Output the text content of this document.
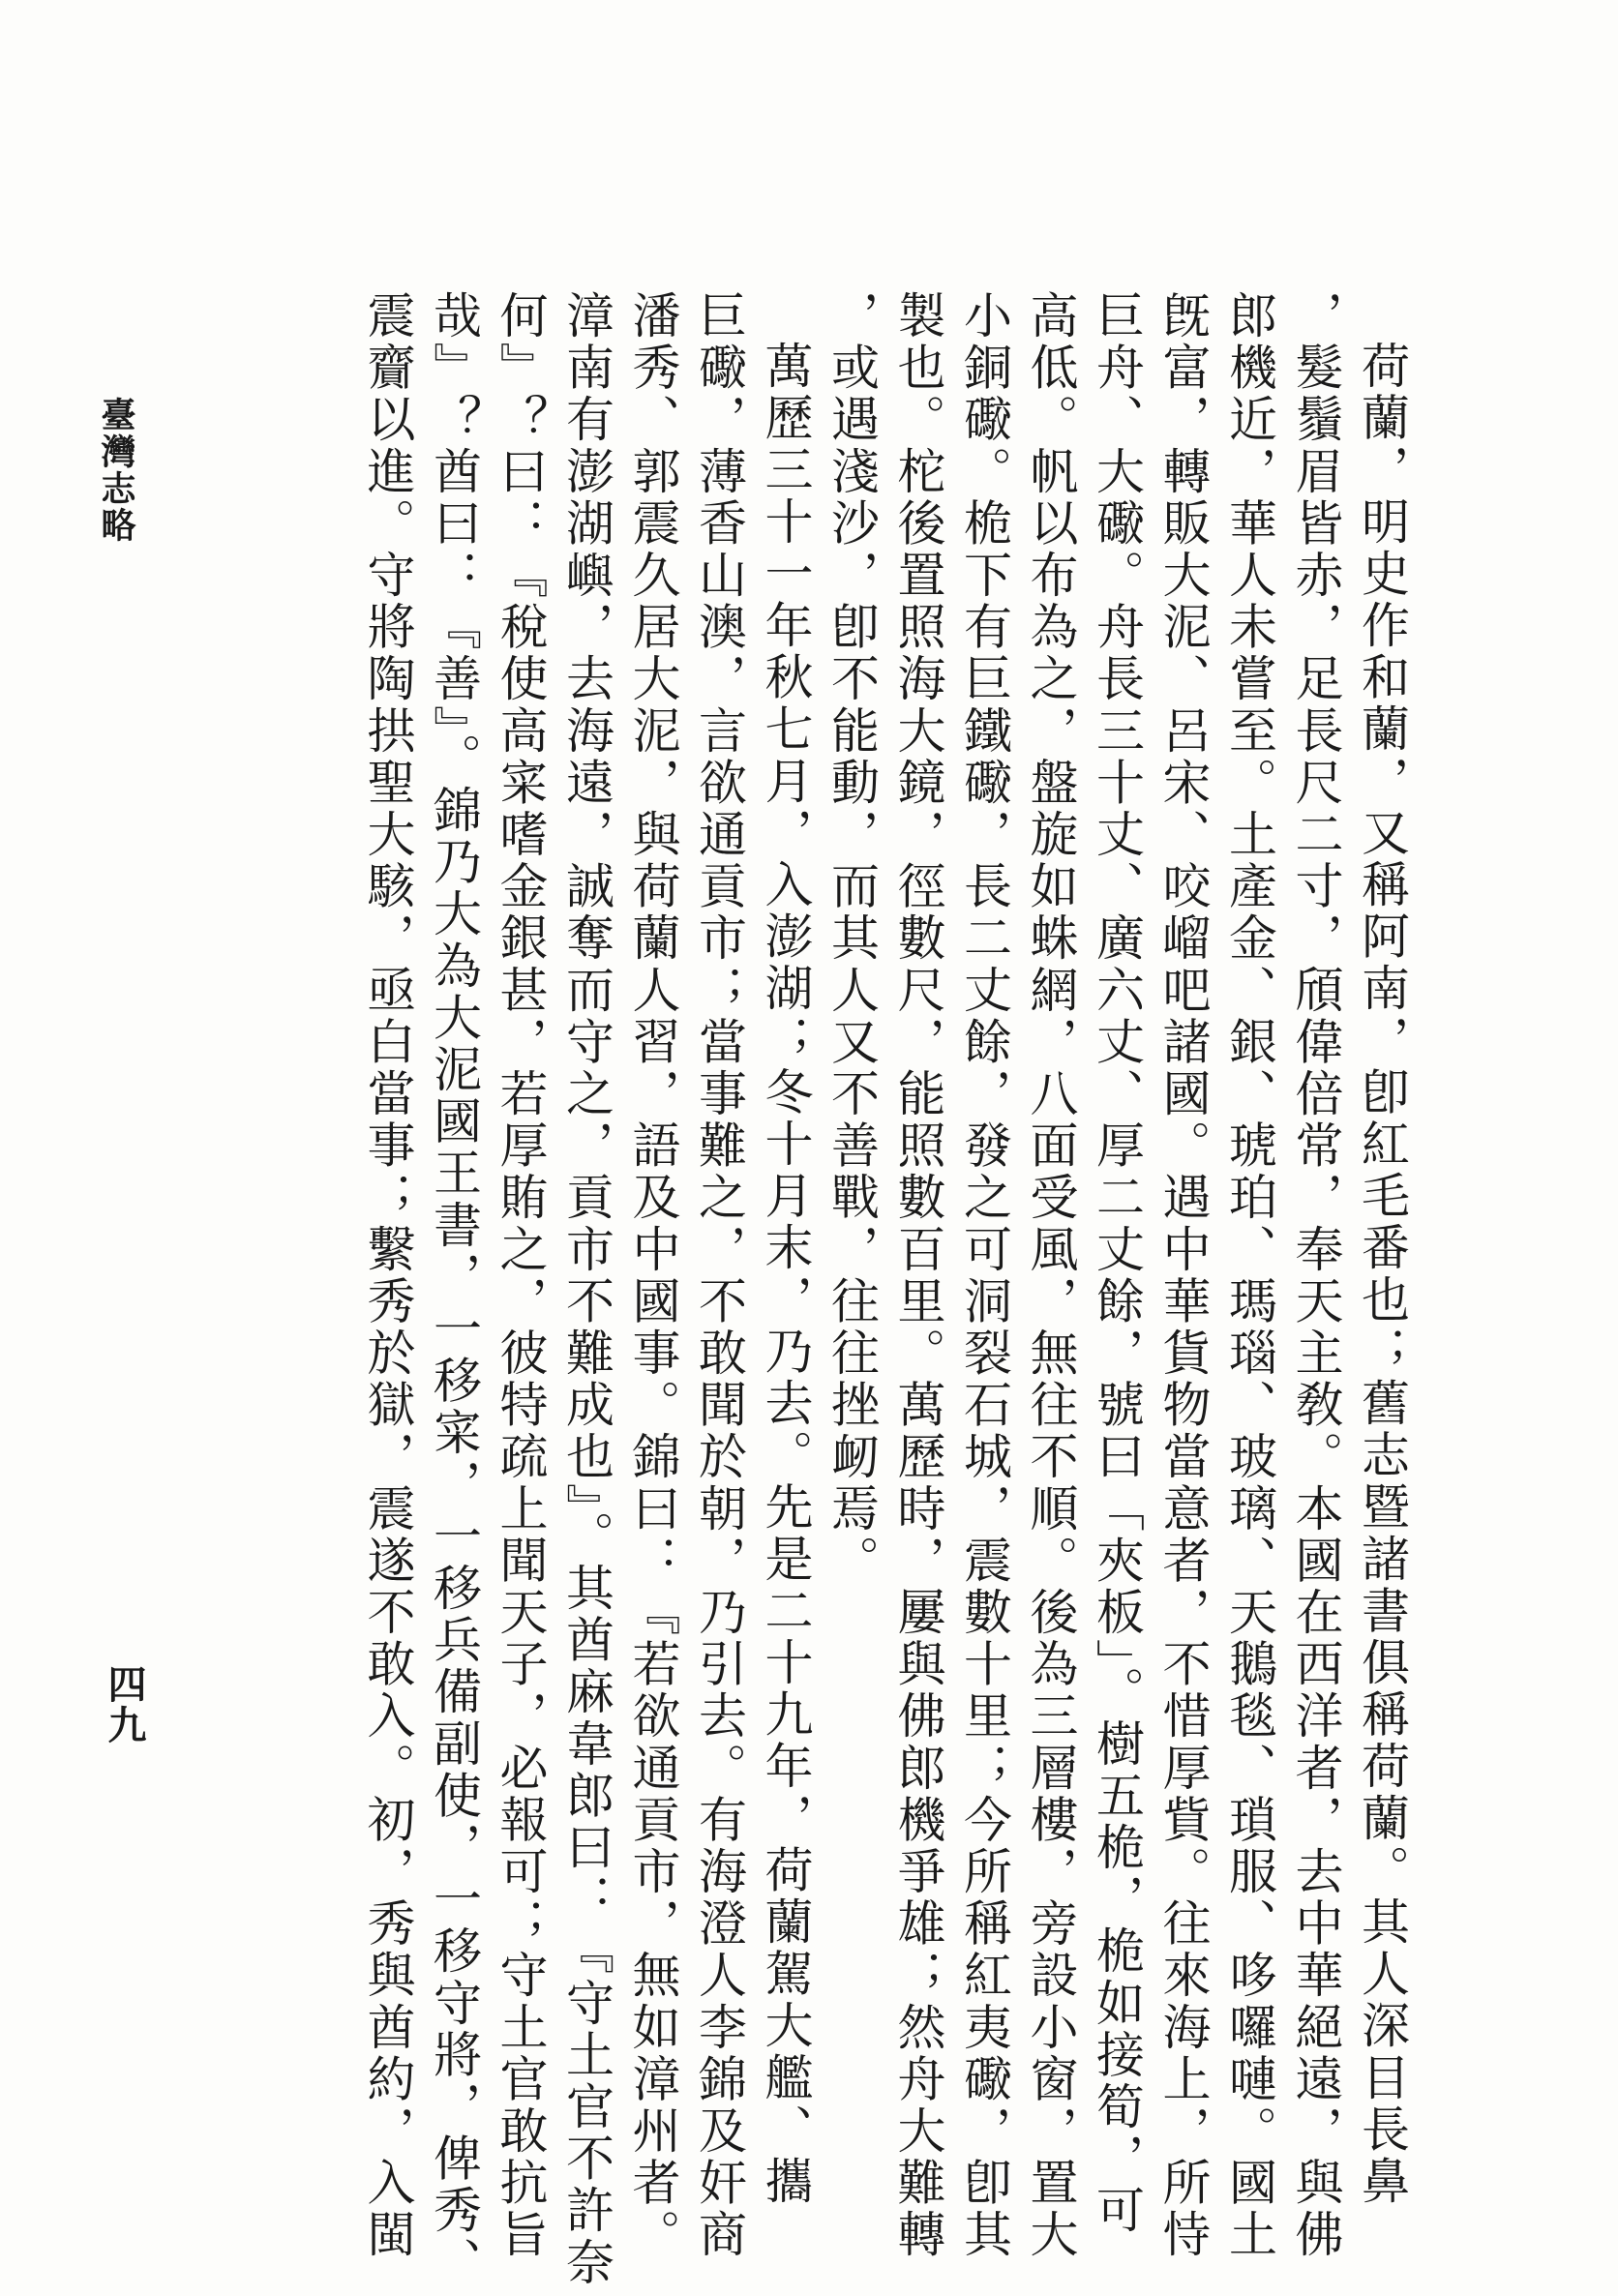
臺灣志略
四九	荷蘭，明史作和蘭，又稱阿南，卽紅毛番也；舊志暨諸書俱稱荷蘭。其人深目長鼻
，髮鬚眉皆赤，足長尺二寸，頎偉倍常，奉天主敎。本國在西洋者，去中華絕遠，與佛
郎機近，華人未嘗至。土產金、銀、琥珀、瑪瑙、玻璃、天鵝毯、瑣服、哆囉嗹。國土
旣富，轉販大泥、呂宋、咬嵧吧諸國。遇中華貨物當意者，不惜厚貲。往來海上，所恃
巨舟、大礮。舟長三十丈、廣六丈、厚二丈餘，號曰「夾板」。樹五桅，桅如接筍，可
高低。帆以布為之，盤旋如蛛網，八面受風，無往不順。後為三層樓，旁設小窗，置大
小銅礮。桅下有巨鐵礮，長二丈餘，發之可洞裂石城，震數十里；今所稱紅夷礮，卽其
製也。柁後置照海大鏡，徑數尺，能照數百里。萬歷時，屢與佛郎機爭雄；然舟大難轉
，或遇淺沙，卽不能動，而其人又不善戰，往往挫衂焉。
萬歷三十一年秋七月，入澎湖；冬十月末，乃去。先是二十九年，荷蘭駕大艦、攜
巨礮，薄香山澳，言欲通貢市；當事難之，不敢聞於朝，乃引去。有海澄人李錦及奸商
潘秀、郭震久居大泥，與荷蘭人習，語及中國事。錦曰：『若欲通貢市，無如漳州者。
漳南有澎湖嶼，去海遠，誠奪而守之，貢市不難成也』。其酋麻韋郎曰：『守土官不許奈
何』？曰：『稅使高寀嗜金銀甚，若厚賄之，彼特疏上聞天子，必報可；守土官敢抗旨
哉』？酋曰：『善』。錦乃大為大泥國王書，一移寀，一移兵備副使，一移守將，俾秀、
震齎以進。守將陶拱聖大駭，亟白當事；繫秀於獄，震遂不敢入。初，秀與酋約，入閩
